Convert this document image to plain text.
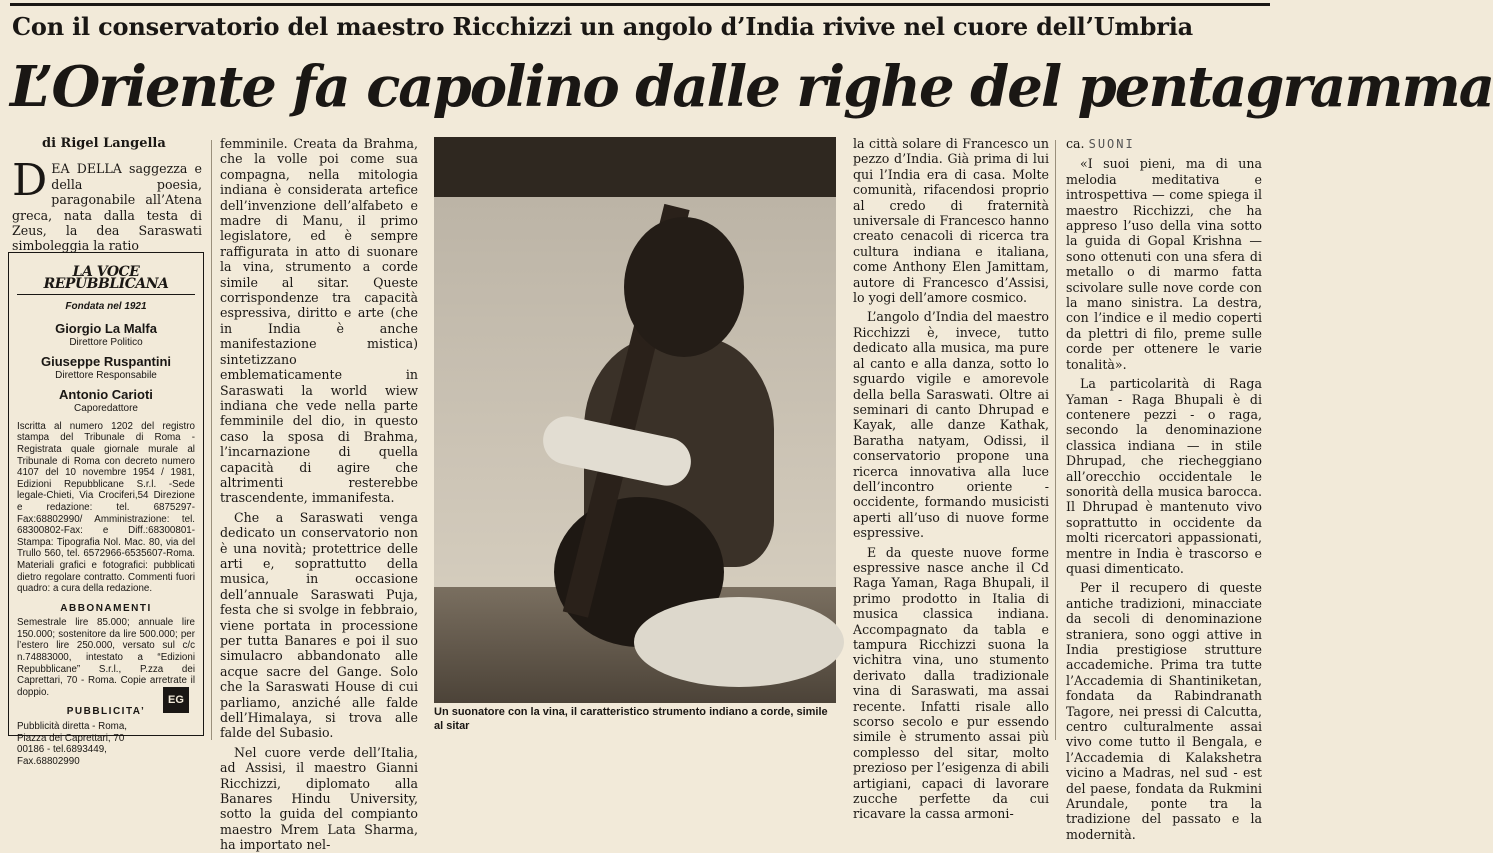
Con il conservatorio del maestro Ricchizzi un angolo d’India rivive nel cuore dell’Umbria
L’Oriente fa capolino dalle righe del pentagramma
di Rigel Langella

DEA DELLA saggezza e della poesia, paragonabile all’Atena greca, nata dalla testa di Zeus, la dea Saraswati simboleggia la ratio

LA VOCE REPUBBLICANA
Fondata nel 1921
Giorgio La Malfa
Direttore Politico
Giuseppe Ruspantini
Direttore Responsabile
Antonio Carioti
Caporedattore
Iscritta al numero 1202 del registro stampa del Tribunale di Roma -Registrata quale giornale murale al Tribunale di Roma con decreto numero 4107 del 10 novembre 1954 / 1981, Edizioni Repubblicane S.r.l. -Sede legale-Chieti, Via Crociferi,54 Direzione e redazione: tel. 6875297-Fax:68802990/ Amministrazione: tel. 68300802-Fax: e Diff.:68300801-Stampa: Tipografia Nol. Mac. 80, via del Trullo 560, tel. 6572966-6535607-Roma. Materiali grafici e fotografici: pubblicati dietro regolare contratto. Commenti fuori quadro: a cura della redazione.
ABBONAMENTI
Semestrale lire 85.000; annuale lire 150.000; sostenitore da lire 500.000; per l’estero lire 250.000, versato sul c/c n.74883000, intestato a “Edizioni Repubblicane” S.r.l., P.zza dei Caprettari, 70 - Roma. Copie arretrate il doppio.
PUBBLICITA’
Pubblicità diretta - Roma, Piazza dei Caprettari, 70 00186 - tel.6893449, Fax.68802990
EG

femminile. Creata da Brahma, che la volle poi come sua compagna, nella mitologia indiana è considerata artefice dell’invenzione dell’alfabeto e madre di Manu, il primo legislatore, ed è sempre raffigurata in atto di suonare la vina, strumento a corde simile al sitar. Queste corrispondenze tra capacità espressiva, diritto e arte (che in India è anche manifestazione mistica) sintetizzano emblematicamente in Saraswati la world wiew indiana che vede nella parte femminile del dio, in questo caso la sposa di Brahma, l’incarnazione di quella capacità di agire che altrimenti resterebbe trascendente, immanifesta.

Che a Saraswati venga dedicato un conservatorio non è una novità; protettrice delle arti e, soprattutto della musica, in occasione dell’annuale Saraswati Puja, festa che si svolge in febbraio, viene portata in processione per tutta Banares e poi il suo simulacro abbandonato alle acque sacre del Gange. Solo che la Saraswati House di cui parliamo, anziché alle falde dell’Himalaya, si trova alle falde del Subasio.

Nel cuore verde dell’Italia, ad Assisi, il maestro Gianni Ricchizzi, diplomato alla Banares Hindu University, sotto la guida del compianto maestro Mrem Lata Sharma, ha importato nel-

Un suonatore con la vina, il caratteristico strumento indiano a corde, simile al sitar

la città solare di Francesco un pezzo d’India. Già prima di lui qui l’India era di casa. Molte comunità, rifacendosi proprio al credo di fraternità universale di Francesco hanno creato cenacoli di ricerca tra cultura indiana e italiana, come Anthony Elen Jamittam, autore di Francesco d’Assisi, lo yogi dell’amore cosmico.

L’angolo d’India del maestro Ricchizzi è, invece, tutto dedicato alla musica, ma pure al canto e alla danza, sotto lo sguardo vigile e amorevole della bella Saraswati. Oltre ai seminari di canto Dhrupad e Kayak, alle danze Kathak, Baratha natyam, Odissi, il conservatorio propone una ricerca innovativa alla luce dell’incontro oriente - occidente, formando musicisti aperti all’uso di nuove forme espressive.

E da queste nuove forme espressive nasce anche il Cd Raga Yaman, Raga Bhupali, il primo prodotto in Italia di musica classica indiana. Accompagnato da tabla e tampura Ricchizzi suona la vichitra vina, uno stumento derivato dalla tradizionale vina di Saraswati, ma assai recente. Infatti risale allo scorso secolo e pur essendo simile è strumento assai più complesso del sitar, molto prezioso per l’esigenza di abili artigiani, capaci di lavorare zucche perfette da cui ricavare la cassa armoni-

ca. SUONI

«I suoi pieni, ma di una melodia meditativa e introspettiva — come spiega il maestro Ricchizzi, che ha appreso l’uso della vina sotto la guida di Gopal Krishna — sono ottenuti con una sfera di metallo o di marmo fatta scivolare sulle nove corde con la mano sinistra. La destra, con l’indice e il medio coperti da plettri di filo, preme sulle corde per ottenere le varie tonalità».

La particolarità di Raga Yaman - Raga Bhupali è di contenere pezzi - o raga, secondo la denominazione classica indiana — in stile Dhrupad, che riecheggiano all’orecchio occidentale le sonorità della musica barocca. Il Dhrupad è mantenuto vivo soprattutto in occidente da molti ricercatori appassionati, mentre in India è trascorso e quasi dimenticato.

Per il recupero di queste antiche tradizioni, minacciate da secoli di denominazione straniera, sono oggi attive in India prestigiose strutture accademiche. Prima tra tutte l’Accademia di Shantiniketan, fondata da Rabindranath Tagore, nei pressi di Calcutta, centro culturalmente assai vivo come tutto il Bengala, e l’Accademia di Kalakshetra vicino a Madras, nel sud - est del paese, fondata da Rukmini Arundale, ponte tra la tradizione del passato e la modernità.
